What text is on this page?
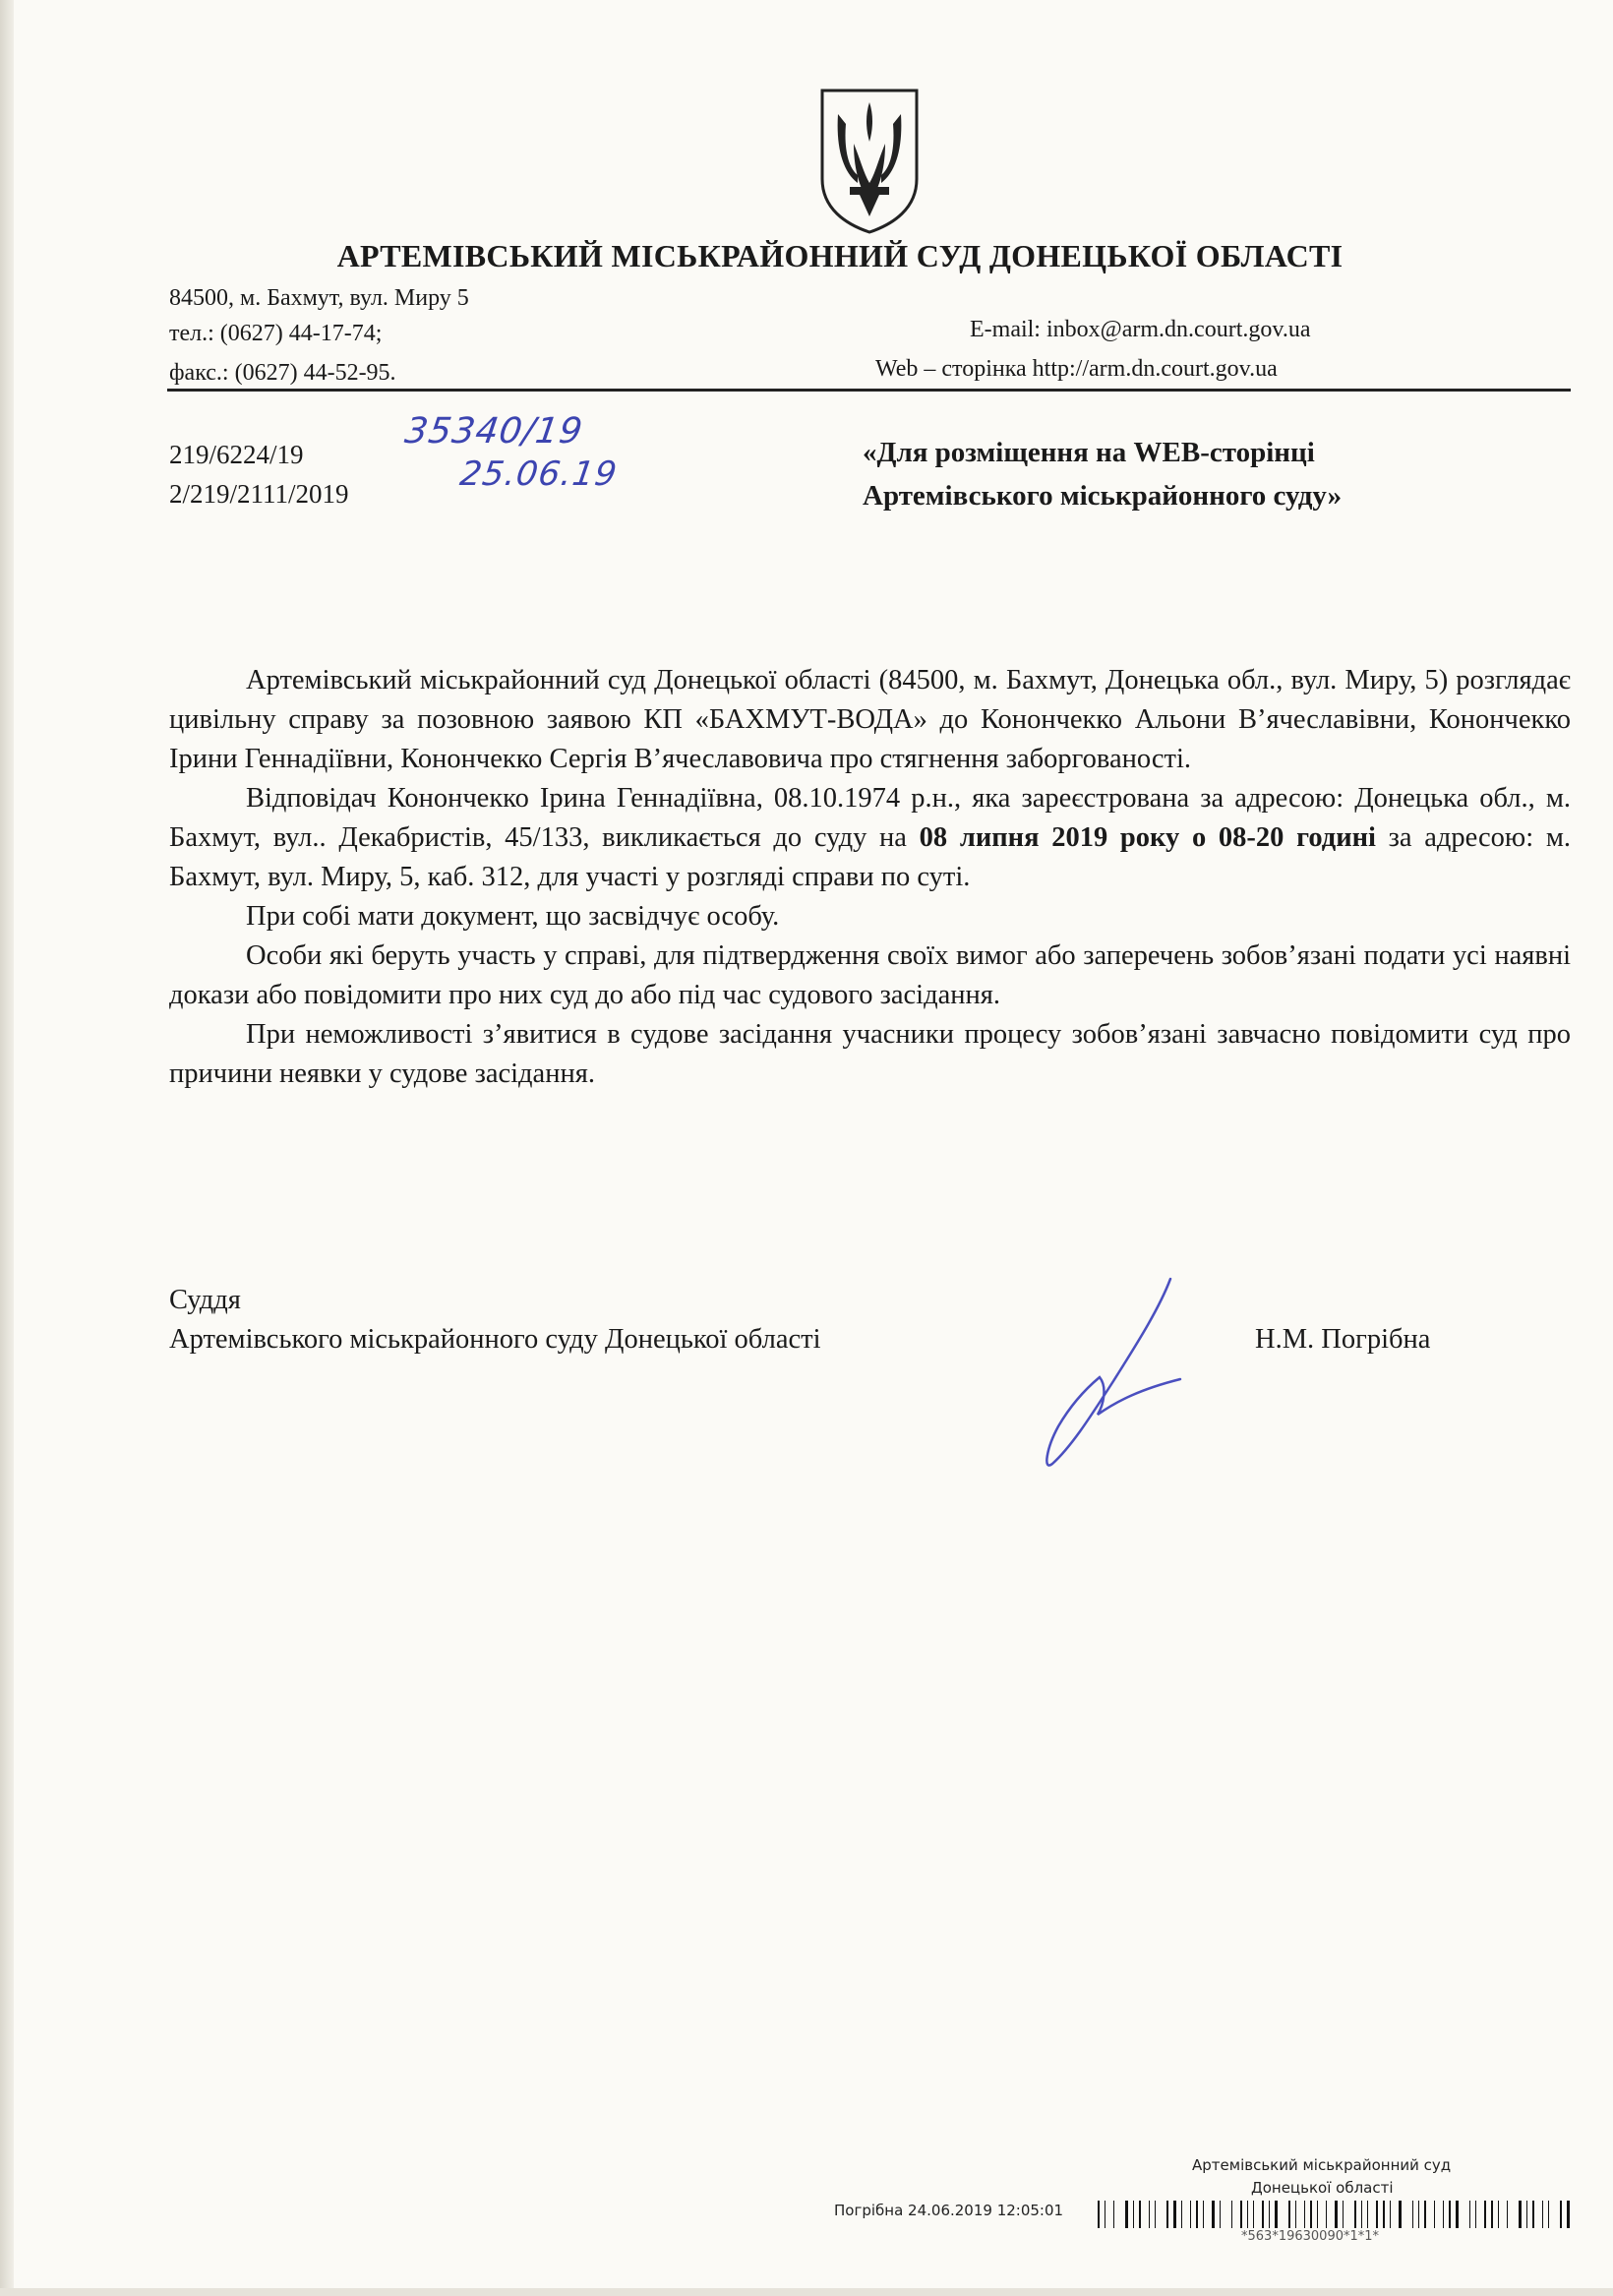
АРТЕМІВСЬКИЙ МІСЬКРАЙОННИЙ СУД ДОНЕЦЬКОЇ ОБЛАСТІ
84500, м. Бахмут, вул. Миру 5
тел.: (0627) 44-17-74;
факс.: (0627) 44-52-95.
E-mail: inbox@arm.dn.court.gov.ua
Web – сторінка http://arm.dn.court.gov.ua
219/6224/19
2/219/2111/2019
35340/19
25.06.19
«Для розміщення на WEB-сторінці
Артемівського міськрайонного суду»

Артемівський міськрайонний суд Донецької області (84500, м. Бахмут, Донецька обл., вул. Миру, 5) розглядає цивільну справу за позовною заявою КП «БАХМУТ-ВОДА» до Конончекко Альони В’ячеславівни, Конончекко Ірини Геннадіївни, Конончекко Сергія В’ячеславовича про стягнення заборгованості.

Відповідач Конончекко Ірина Геннадіївна, 08.10.1974 р.н., яка зареєстрована за адресою: Донецька обл., м. Бахмут, вул.. Декабристів, 45/133, викликається до суду на 08 липня 2019 року о 08-20 годині за адресою: м. Бахмут, вул. Миру, 5, каб. 312, для участі у розгляді справи по суті.

При собі мати документ, що засвідчує особу.

Особи які беруть участь у справі, для підтвердження своїх вимог або заперечень зобов’язані подати усі наявні докази або повідомити про них суд до або під час судового засідання.

При неможливості з’явитися в судове засідання учасники процесу зобов’язані завчасно повідомити суд про причини неявки у судове засідання.

Суддя
Артемівського міськрайонного суду Донецької області	Н.М. Погрібна
Артемівський міськрайонний суд
Донецької області
Погрібна 24.06.2019 12:05:01
*563*19630090*1*1*
